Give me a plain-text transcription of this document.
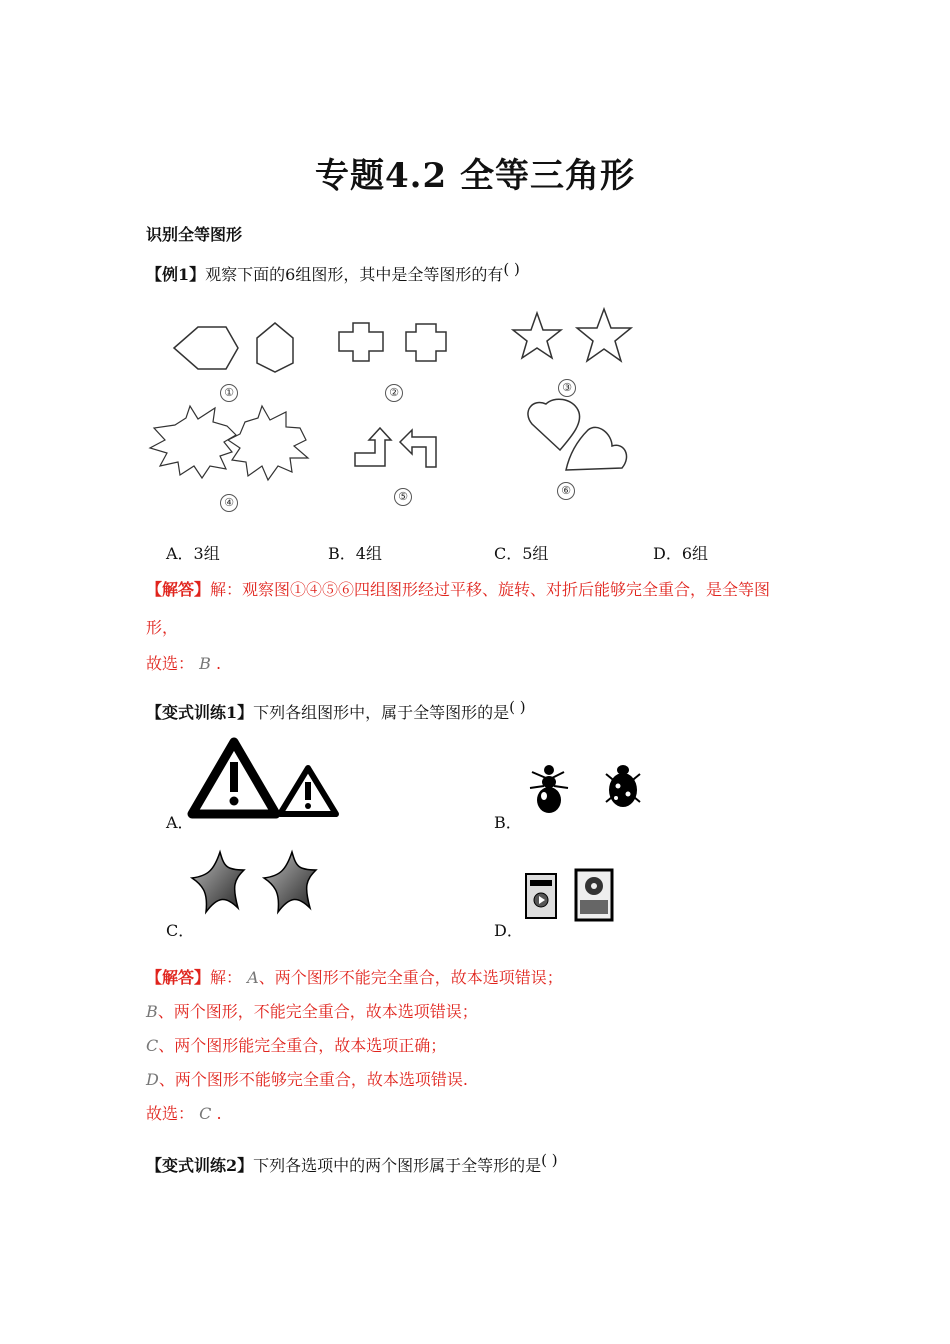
专题4.2 全等三角形
识别全等图形
【例1】观察下面的6组图形，其中是全等图形的有( )
①	②	③
④	⑤	⑥
A．3组	B．4组	C．5组	D．6组
【解答】解：观察图①④⑤⑥四组图形经过平移、旋转、对折后能够完全重合，是全等图
形，
故选： B .
【变式训练1】下列各组图形中，属于全等图形的是( )
A．	B．
C．	D．
【解答】解： A、两个图形不能完全重合，故本选项错误；
B、两个图形，不能完全重合，故本选项错误；
C、两个图形能完全重合，故本选项正确；
D、两个图形不能够完全重合，故本选项错误.
故选： C .
【变式训练2】下列各选项中的两个图形属于全等形的是( )
